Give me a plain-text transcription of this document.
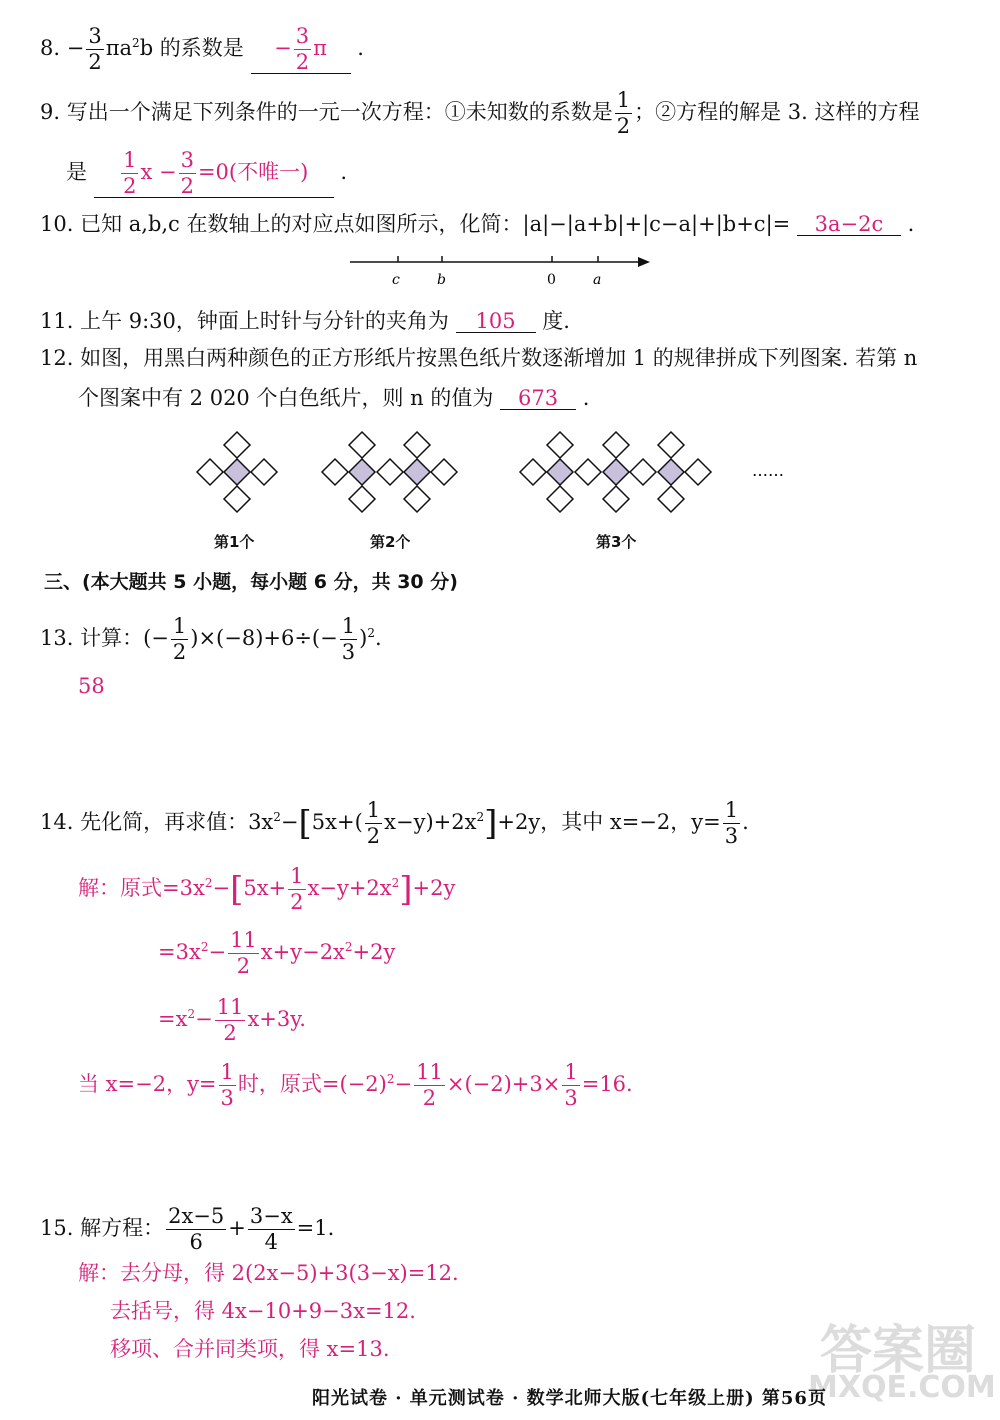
8. − $\frac{3}{2} \pi a^2b$ 的系数是 − $\frac{3}{2}$ π .
9. 写出一个满足下列条件的一元一次方程：①未知数的系数是 $\frac{1}{2}$ ；②方程的解是 3. 这样的方程
是 $\frac{1}{2}$ $x - \frac{3}{2} =0$(不唯一) .
10. 已知 a,b,c 在数轴上的对应点如图所示，化简：|a|−|a+b|+|c−a|+|b+c|= 3a−2c .
c	b	0	a
11. 上午 9:30，钟面上时针与分针的夹角为 105 度.
12. 如图，用黑白两种颜色的正方形纸片按黑色纸片数逐渐增加 1 的规律拼成下列图案. 若第 n
个图案中有 2 020 个白色纸片，则 n 的值为 673 .
……
第1个	第2个	第3个
三、(本大题共 5 小题，每小题 6 分，共 30 分)
13. 计算：(− $\frac{1}{2} )\times(-8)+6\div(- \frac{1}{3} )^2$.
58
14. 先化简，再求值：$3x^2-[5x+( \frac{1}{2} x-y)+2x^2]+2y$，其中 x=−2，$y= \frac{1}{3}$ .
解：原式$=3x^2-[5x+ \frac{1}{2} x-y+2x^2]+2y$
$=3x^2- \frac{11}{2} x+y-2x^2+2y$
$=x^2- \frac{11}{2} x+3y$.
当 x=−2，$y= \frac{1}{3}$ 时，原式$=(-2)^2- \frac{11}{2} \times(-2)+3\times \frac{1}{3} =16$.
15. 解方程： $\frac{2x-5}{6} + \frac{3-x}{4} =1$.
解：去分母，得 2(2x−5)+3(3−x)=12.
去括号，得 4x−10+9−3x=12.
移项、合并同类项，得 x=13.	答案圈
MXQE.COM
阳光试卷 · 单元测试卷 · 数学北师大版(七年级上册) 第56页
